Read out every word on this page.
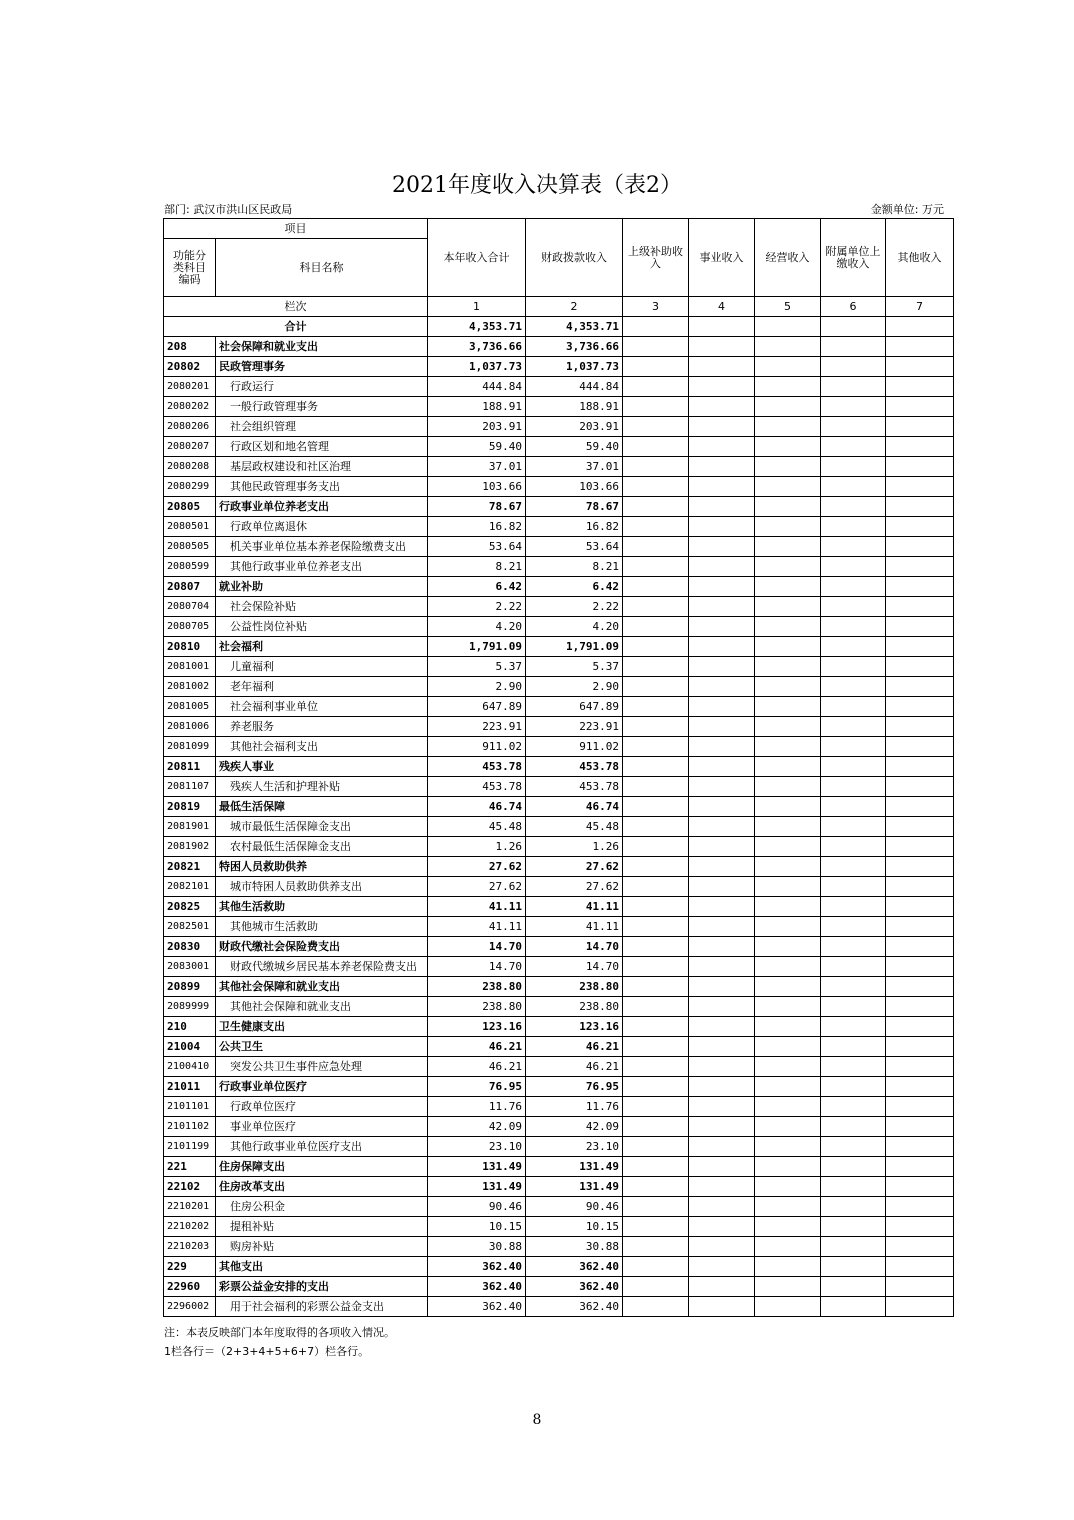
2021年度收入决算表（表2）
部门: 武汉市洪山区民政局	金额单位: 万元
项目		本年收入合计	财政拨款收入	上级补助收入	事业收入	经营收入	附属单位上缴收入	其他收入
功能分类科目编码	科目名称							
栏次		1	2	3	4	5	6	7
合计		4,353.71	4,353.71					
208	社会保障和就业支出	3,736.66	3,736.66					
20802	民政管理事务	1,037.73	1,037.73					
2080201	行政运行	444.84	444.84					
2080202	一般行政管理事务	188.91	188.91					
2080206	社会组织管理	203.91	203.91					
2080207	行政区划和地名管理	59.40	59.40					
2080208	基层政权建设和社区治理	37.01	37.01					
2080299	其他民政管理事务支出	103.66	103.66					
20805	行政事业单位养老支出	78.67	78.67					
2080501	行政单位离退休	16.82	16.82					
2080505	机关事业单位基本养老保险缴费支出	53.64	53.64					
2080599	其他行政事业单位养老支出	8.21	8.21					
20807	就业补助	6.42	6.42					
2080704	社会保险补贴	2.22	2.22					
2080705	公益性岗位补贴	4.20	4.20					
20810	社会福利	1,791.09	1,791.09					
2081001	儿童福利	5.37	5.37					
2081002	老年福利	2.90	2.90					
2081005	社会福利事业单位	647.89	647.89					
2081006	养老服务	223.91	223.91					
2081099	其他社会福利支出	911.02	911.02					
20811	残疾人事业	453.78	453.78					
2081107	残疾人生活和护理补贴	453.78	453.78					
20819	最低生活保障	46.74	46.74					
2081901	城市最低生活保障金支出	45.48	45.48					
2081902	农村最低生活保障金支出	1.26	1.26					
20821	特困人员救助供养	27.62	27.62					
2082101	城市特困人员救助供养支出	27.62	27.62					
20825	其他生活救助	41.11	41.11					
2082501	其他城市生活救助	41.11	41.11					
20830	财政代缴社会保险费支出	14.70	14.70					
2083001	财政代缴城乡居民基本养老保险费支出	14.70	14.70					
20899	其他社会保障和就业支出	238.80	238.80					
2089999	其他社会保障和就业支出	238.80	238.80					
210	卫生健康支出	123.16	123.16					
21004	公共卫生	46.21	46.21					
2100410	突发公共卫生事件应急处理	46.21	46.21					
21011	行政事业单位医疗	76.95	76.95					
2101101	行政单位医疗	11.76	11.76					
2101102	事业单位医疗	42.09	42.09					
2101199	其他行政事业单位医疗支出	23.10	23.10					
221	住房保障支出	131.49	131.49					
22102	住房改革支出	131.49	131.49					
2210201	住房公积金	90.46	90.46					
2210202	提租补贴	10.15	10.15					
2210203	购房补贴	30.88	30.88					
229	其他支出	362.40	362.40					
22960	彩票公益金安排的支出	362.40	362.40					
2296002	用于社会福利的彩票公益金支出	362.40	362.40					
注：本表反映部门本年度取得的各项收入情况。
1栏各行＝（2+3+4+5+6+7）栏各行。
8
